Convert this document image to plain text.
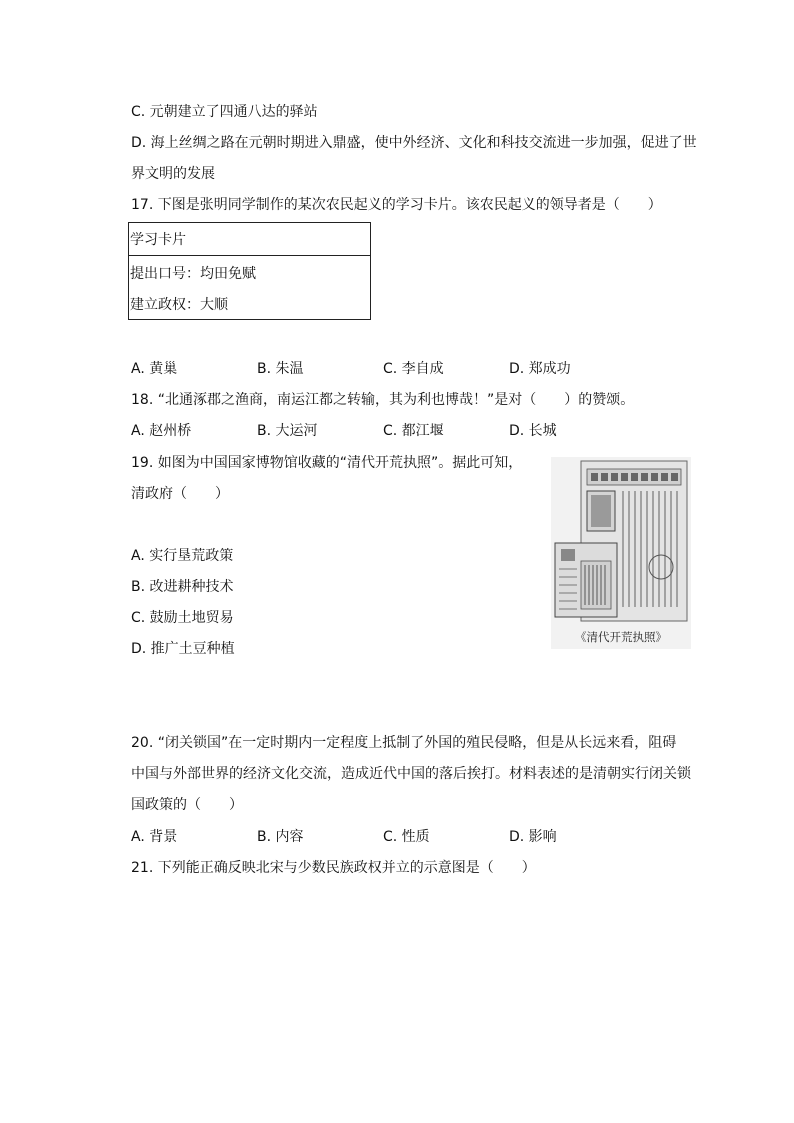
C. 元朝建立了四通八达的驿站
D. 海上丝绸之路在元朝时期进入鼎盛，使中外经济、文化和科技交流进一步加强，促进了世
界文明的发展
17. 下图是张明同学制作的某次农民起义的学习卡片。该农民起义的领导者是（　　）
学习卡片
提出口号：均田免赋
建立政权：大顺
A. 黄巢	B. 朱温	C. 李自成	D. 郑成功
18. “北通涿郡之渔商，南运江都之转输，其为利也博哉！”是对（　　）的赞颂。
A. 赵州桥	B. 大运河	C. 都江堰	D. 长城
19. 如图为中国国家博物馆收藏的“清代开荒执照”。据此可知，
清政府（　　）
A. 实行垦荒政策
B. 改进耕种技术
C. 鼓励土地贸易
D. 推广土豆种植
《清代开荒执照》
20. “闭关锁国”在一定时期内一定程度上抵制了外国的殖民侵略，但是从长远来看，阻碍
中国与外部世界的经济文化交流，造成近代中国的落后挨打。材料表述的是清朝实行闭关锁
国政策的（　　）
A. 背景	B. 内容	C. 性质	D. 影响
21. 下列能正确反映北宋与少数民族政权并立的示意图是（　　）
